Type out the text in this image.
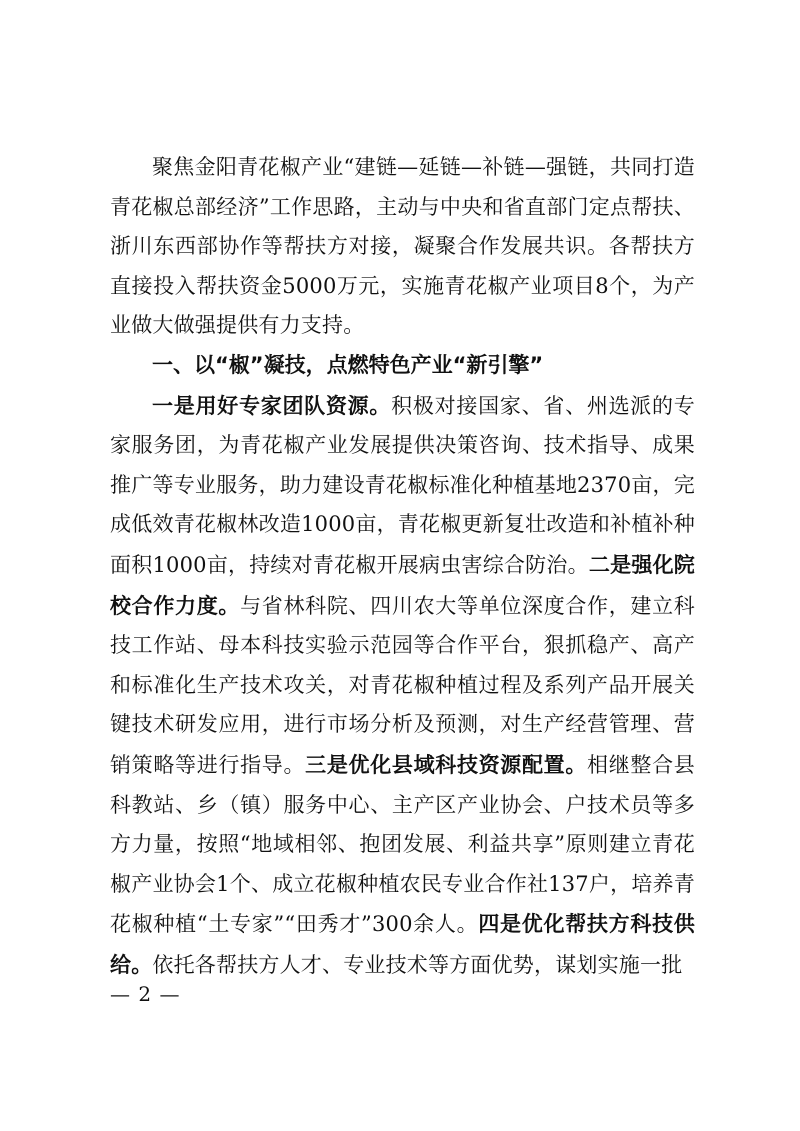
聚焦金阳青花椒产业“建链—延链—补链—强链，共同打造青花椒总部经济”工作思路，主动与中央和省直部门定点帮扶、浙川东西部协作等帮扶方对接，凝聚合作发展共识。各帮扶方直接投入帮扶资金5000万元，实施青花椒产业项目8个，为产业做大做强提供有力支持。

一、以“椒”凝技，点燃特色产业“新引擎”

一是用好专家团队资源。积极对接国家、省、州选派的专家服务团，为青花椒产业发展提供决策咨询、技术指导、成果推广等专业服务，助力建设青花椒标准化种植基地2370亩，完成低效青花椒林改造1000亩，青花椒更新复壮改造和补植补种面积1000亩，持续对青花椒开展病虫害综合防治。二是强化院校合作力度。与省林科院、四川农大等单位深度合作，建立科技工作站、母本科技实验示范园等合作平台，狠抓稳产、高产和标准化生产技术攻关，对青花椒种植过程及系列产品开展关键技术研发应用，进行市场分析及预测，对生产经营管理、营销策略等进行指导。三是优化县域科技资源配置。相继整合县科教站、乡（镇）服务中心、主产区产业协会、户技术员等多方力量，按照“地域相邻、抱团发展、利益共享”原则建立青花椒产业协会1个、成立花椒种植农民专业合作社137户，培养青花椒种植“土专家”“田秀才”300余人。四是优化帮扶方科技供给。依托各帮扶方人才、专业技术等方面优势，谋划实施一批

— 2 —
